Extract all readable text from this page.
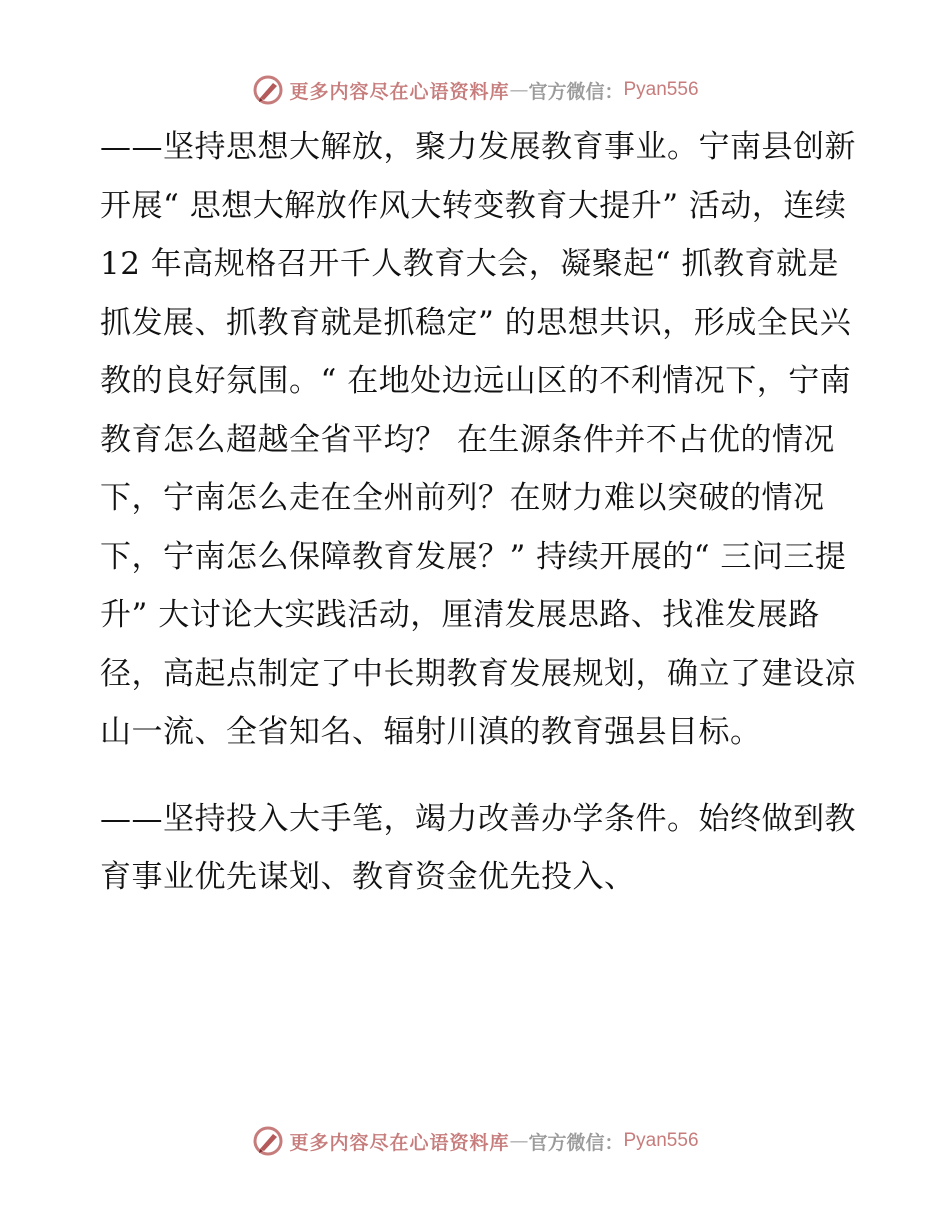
更多内容尽在心语资料库 — 官方微信： Pyan556

——坚持思想大解放，聚力发展教育事业。宁南县创新开展“ 思想大解放作风大转变教育大提升” 活动，连续 12 年高规格召开千人教育大会，凝聚起“ 抓教育就是抓发展、抓教育就是抓稳定” 的思想共识，形成全民兴教的良好氛围。“ 在地处边远山区的不利情况下，宁南教育怎么超越全省平均？ 在生源条件并不占优的情况下，宁南怎么走在全州前列？在财力难以突破的情况下，宁南怎么保障教育发展？” 持续开展的“ 三问三提升” 大讨论大实践活动，厘清发展思路、找准发展路径，高起点制定了中长期教育发展规划，确立了建设凉山一流、全省知名、辐射川滇的教育强县目标。

——坚持投入大手笔，竭力改善办学条件。始终做到教育事业优先谋划、教育资金优先投入、

更多内容尽在心语资料库 — 官方微信： Pyan556
